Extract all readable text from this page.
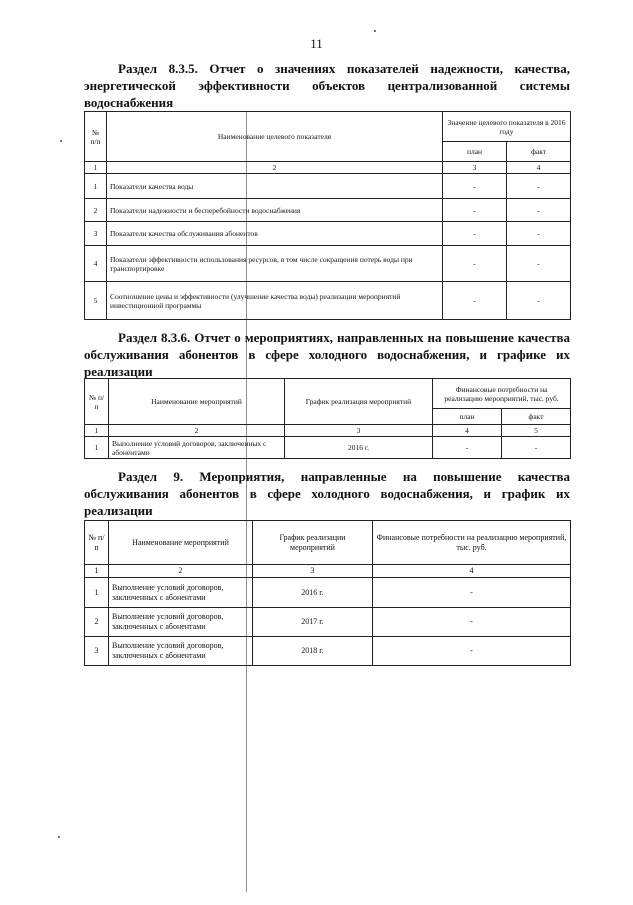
11
Раздел 8.3.5. Отчет о значениях показателей надежности, качества, энергетической эффективности объектов централизованной системы водоснабжения
№ п/п	Наименование целевого показателя	Значение целевого показателя в 2016 году	
		план	факт
1	2	3	4
1	Показатели качества воды	-	-
2	Показатели надежности и бесперебойности водоснабжения	-	-
3	Показатели качества обслуживания абонентов	-	-
4	Показатели эффективности использования ресурсов, в том числе сокращения потерь воды при транспортировке	-	-
5	Соотношение цены и эффективности (улучшение качества воды) реализации мероприятий инвестиционной программы	-	-
Раздел 8.3.6. Отчет о мероприятиях, направленных на повышение качества обслуживания абонентов в сфере холодного водоснабжения, и графике их реализации
№ п/п	Наименование мероприятий	График реализация мероприятий	Финансовые потребности на реализацию мероприятий, тыс. руб.	
			план	факт
1	2	3	4	5
1	Выполнение условий договоров, заключенных с абонентами	2016 г.	-	-
Раздел 9. Мероприятия, направленные на повышение качества обслуживания абонентов в сфере холодного водоснабжения, и график их реализации
№ п/п	Наименование мероприятий	График реализации мероприятий	Финансовые потребности на реализацию мероприятий, тыс. руб.
1	2	3	4
1	Выполнение условий договоров, заключенных с абонентами	2016 г.	-
2	Выполнение условий договоров, заключенных с абонентами	2017 г.	-
3	Выполнение условий договоров, заключенных с абонентами	2018 г.	-
